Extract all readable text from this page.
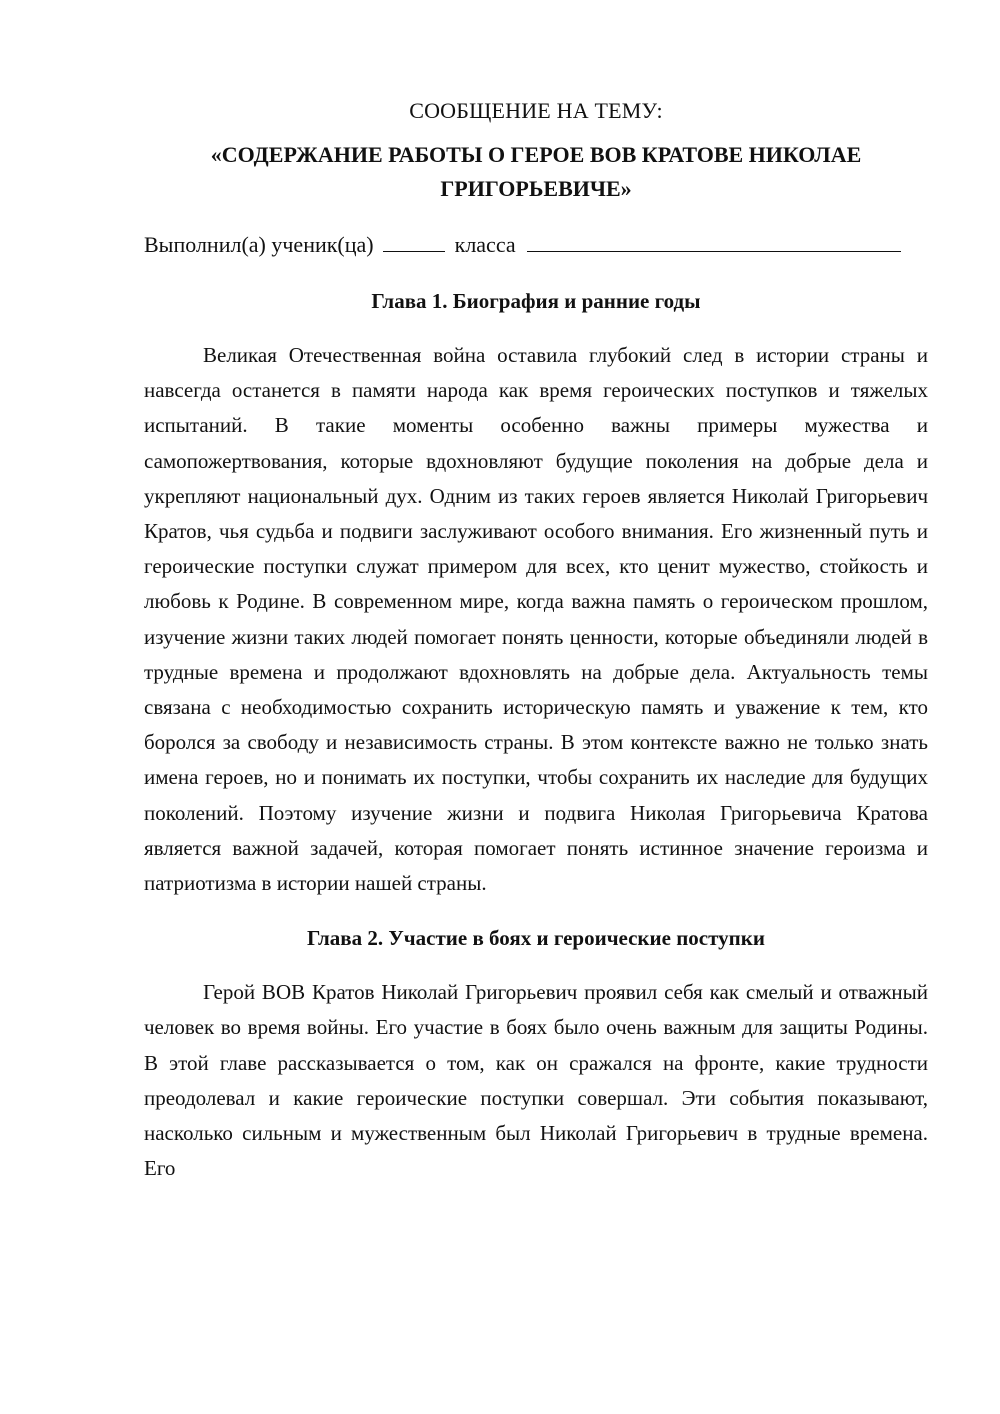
СООБЩЕНИЕ НА ТЕМУ:
«СОДЕРЖАНИЕ РАБОТЫ О ГЕРОЕ ВОВ КРАТОВЕ НИКОЛАЕ ГРИГОРЬЕВИЧЕ»
Выполнил(а) ученик(ца)	класса
Глава 1. Биография и ранние годы

Великая Отечественная война оставила глубокий след в истории страны и навсегда останется в памяти народа как время героических поступков и тяжелых испытаний. В такие моменты особенно важны примеры мужества и самопожертвования, которые вдохновляют будущие поколения на добрые дела и укрепляют национальный дух. Одним из таких героев является Николай Григорьевич Кратов, чья судьба и подвиги заслуживают особого внимания. Его жизненный путь и героические поступки служат примером для всех, кто ценит мужество, стойкость и любовь к Родине. В современном мире, когда важна память о героическом прошлом, изучение жизни таких людей помогает понять ценности, которые объединяли людей в трудные времена и продолжают вдохновлять на добрые дела. Актуальность темы связана с необходимостью сохранить историческую память и уважение к тем, кто боролся за свободу и независимость страны. В этом контексте важно не только знать имена героев, но и понимать их поступки, чтобы сохранить их наследие для будущих поколений. Поэтому изучение жизни и подвига Николая Григорьевича Кратова является важной задачей, которая помогает понять истинное значение героизма и патриотизма в истории нашей страны.

Глава 2. Участие в боях и героические поступки

Герой ВОВ Кратов Николай Григорьевич проявил себя как смелый и отважный человек во время войны. Его участие в боях было очень важным для защиты Родины. В этой главе рассказывается о том, как он сражался на фронте, какие трудности преодолевал и какие героические поступки совершал. Эти события показывают, насколько сильным и мужественным был Николай Григорьевич в трудные времена. Его
